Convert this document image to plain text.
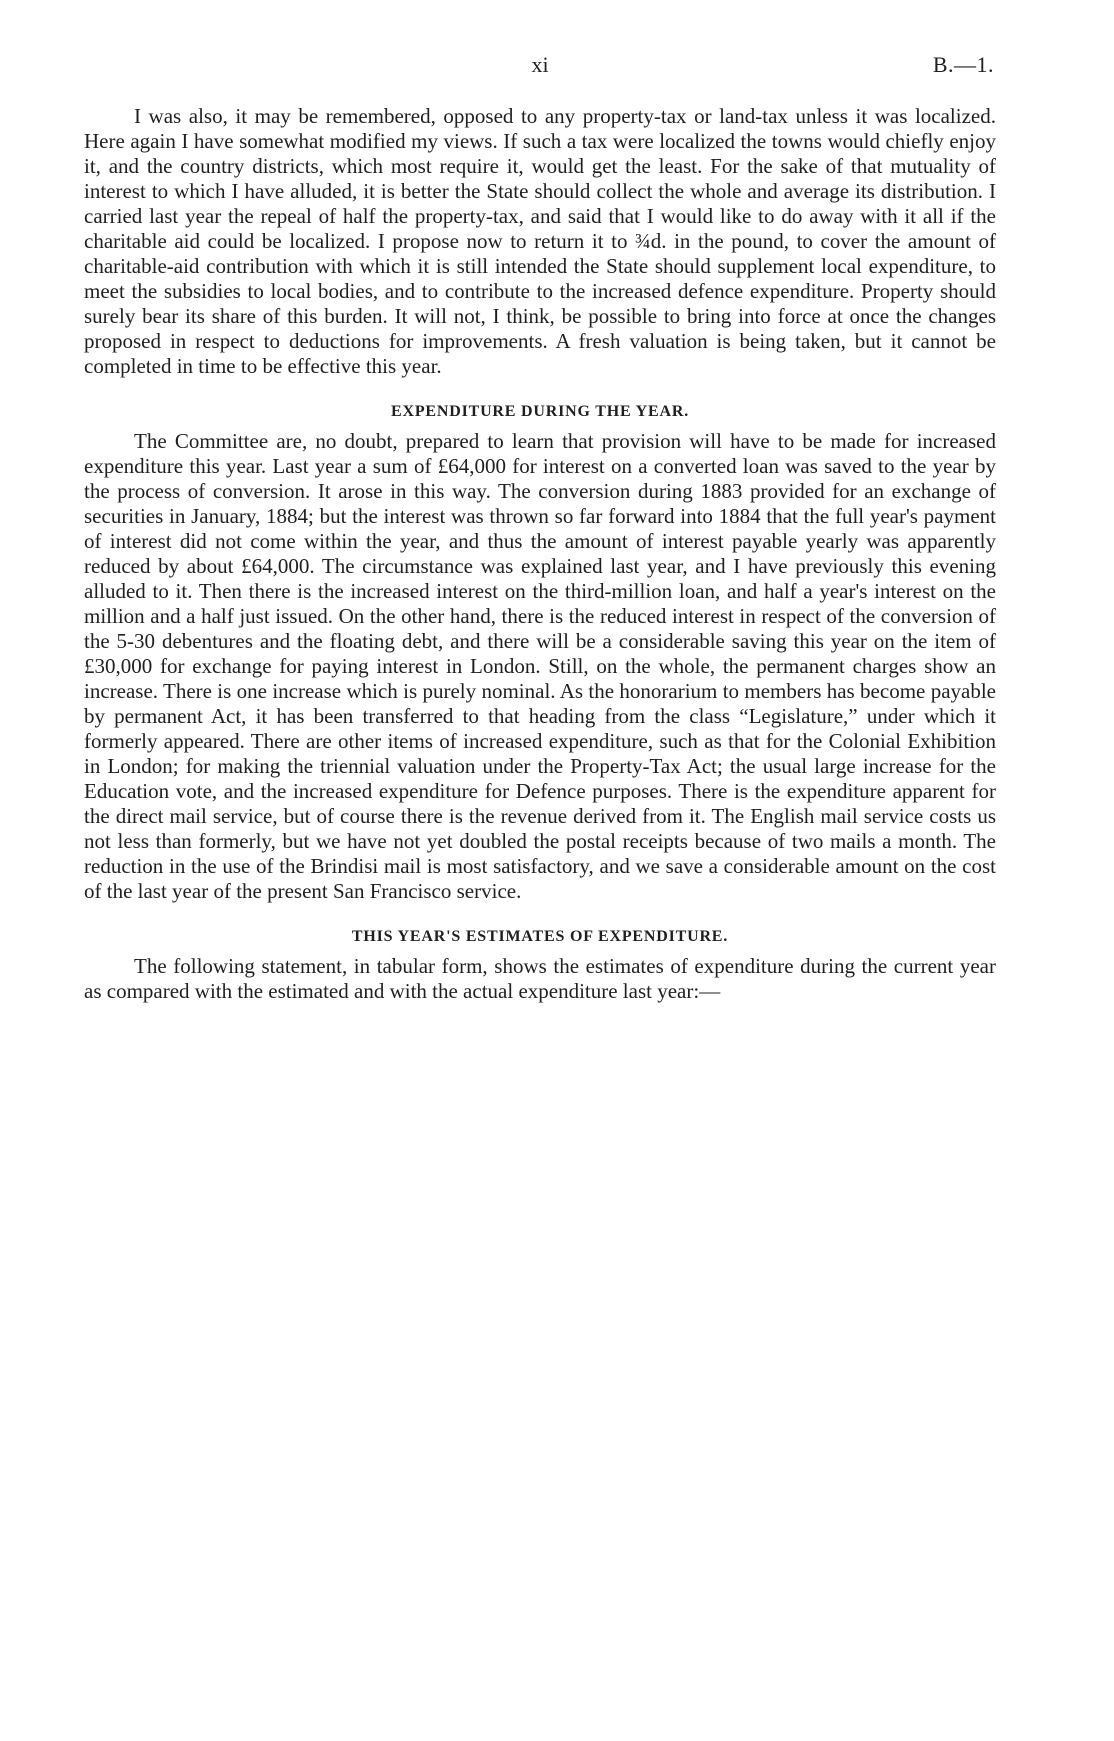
xi	B.—1.

I was also, it may be remembered, opposed to any property-tax or land-tax unless it was localized. Here again I have somewhat modified my views. If such a tax were localized the towns would chiefly enjoy it, and the country districts, which most require it, would get the least. For the sake of that mutuality of interest to which I have alluded, it is better the State should collect the whole and average its distribution. I carried last year the repeal of half the property-tax, and said that I would like to do away with it all if the charitable aid could be localized. I propose now to return it to ¾d. in the pound, to cover the amount of charitable-aid contribution with which it is still intended the State should supplement local expenditure, to meet the subsidies to local bodies, and to contribute to the increased defence expenditure. Property should surely bear its share of this burden. It will not, I think, be possible to bring into force at once the changes proposed in respect to deductions for improvements. A fresh valuation is being taken, but it cannot be completed in time to be effective this year.

EXPENDITURE DURING THE YEAR.

The Committee are, no doubt, prepared to learn that provision will have to be made for increased expenditure this year. Last year a sum of £64,000 for interest on a converted loan was saved to the year by the process of conversion. It arose in this way. The conversion during 1883 provided for an exchange of securities in January, 1884; but the interest was thrown so far forward into 1884 that the full year's payment of interest did not come within the year, and thus the amount of interest payable yearly was apparently reduced by about £64,000. The circumstance was explained last year, and I have previously this evening alluded to it. Then there is the increased interest on the third-million loan, and half a year's interest on the million and a half just issued. On the other hand, there is the reduced interest in respect of the conversion of the 5-30 debentures and the floating debt, and there will be a considerable saving this year on the item of £30,000 for exchange for paying interest in London. Still, on the whole, the permanent charges show an increase. There is one increase which is purely nominal. As the honorarium to members has become payable by permanent Act, it has been transferred to that heading from the class “Legislature,” under which it formerly appeared. There are other items of increased expenditure, such as that for the Colonial Exhibition in London; for making the triennial valuation under the Property-Tax Act; the usual large increase for the Education vote, and the increased expenditure for Defence purposes. There is the expenditure apparent for the direct mail service, but of course there is the revenue derived from it. The English mail service costs us not less than formerly, but we have not yet doubled the postal receipts because of two mails a month. The reduction in the use of the Brindisi mail is most satisfactory, and we save a considerable amount on the cost of the last year of the present San Francisco service.

THIS YEAR'S ESTIMATES OF EXPENDITURE.

The following statement, in tabular form, shows the estimates of expenditure during the current year as compared with the estimated and with the actual expenditure last year:—
